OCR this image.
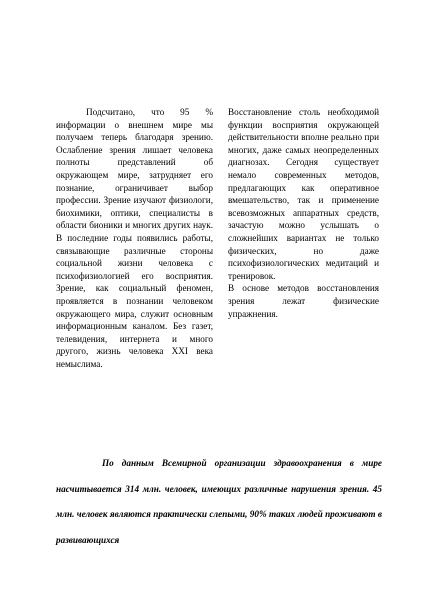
Подсчитано, что 95 % информации о внешнем мире мы получаем теперь благодаря зрению. Ослабление зрения лишает человека полноты представлений об окружающем мире, затрудняет его познание, ограничивает выбор профессии. Зрение изучают физиологи, биохимики, оптики, специалисты в области бионики и многих других наук. В последние годы появились работы, связывающие различные стороны социальной жизни человека с психофизиологией его восприятия. Зрение, как социальный феномен, проявляется в познании человеком окружающего мира, служит основным информационным каналом. Без газет, телевидения, интернета и много другого, жизнь человека XXI века немыслима.

Восстановление столь необходимой функции восприятия окружающей действительности вполне реально при многих, даже самых неопределенных диагнозах. Сегодня существует немало современных методов, предлагающих как оперативное вмешательство, так и применение всевозможных аппаратных средств, зачастую можно услышать о сложнейших вариантах не только физических, но даже психофизиологических медитаций и тренировок.

В основе методов восстановления зрения лежат физические упражнения.

По данным Всемирной организации здравоохранения в мире насчитывается 314 млн. человек, имеющих различные нарушения зрения. 45 млн. человек являются практически слепыми, 90% таких людей проживают в развивающихся
